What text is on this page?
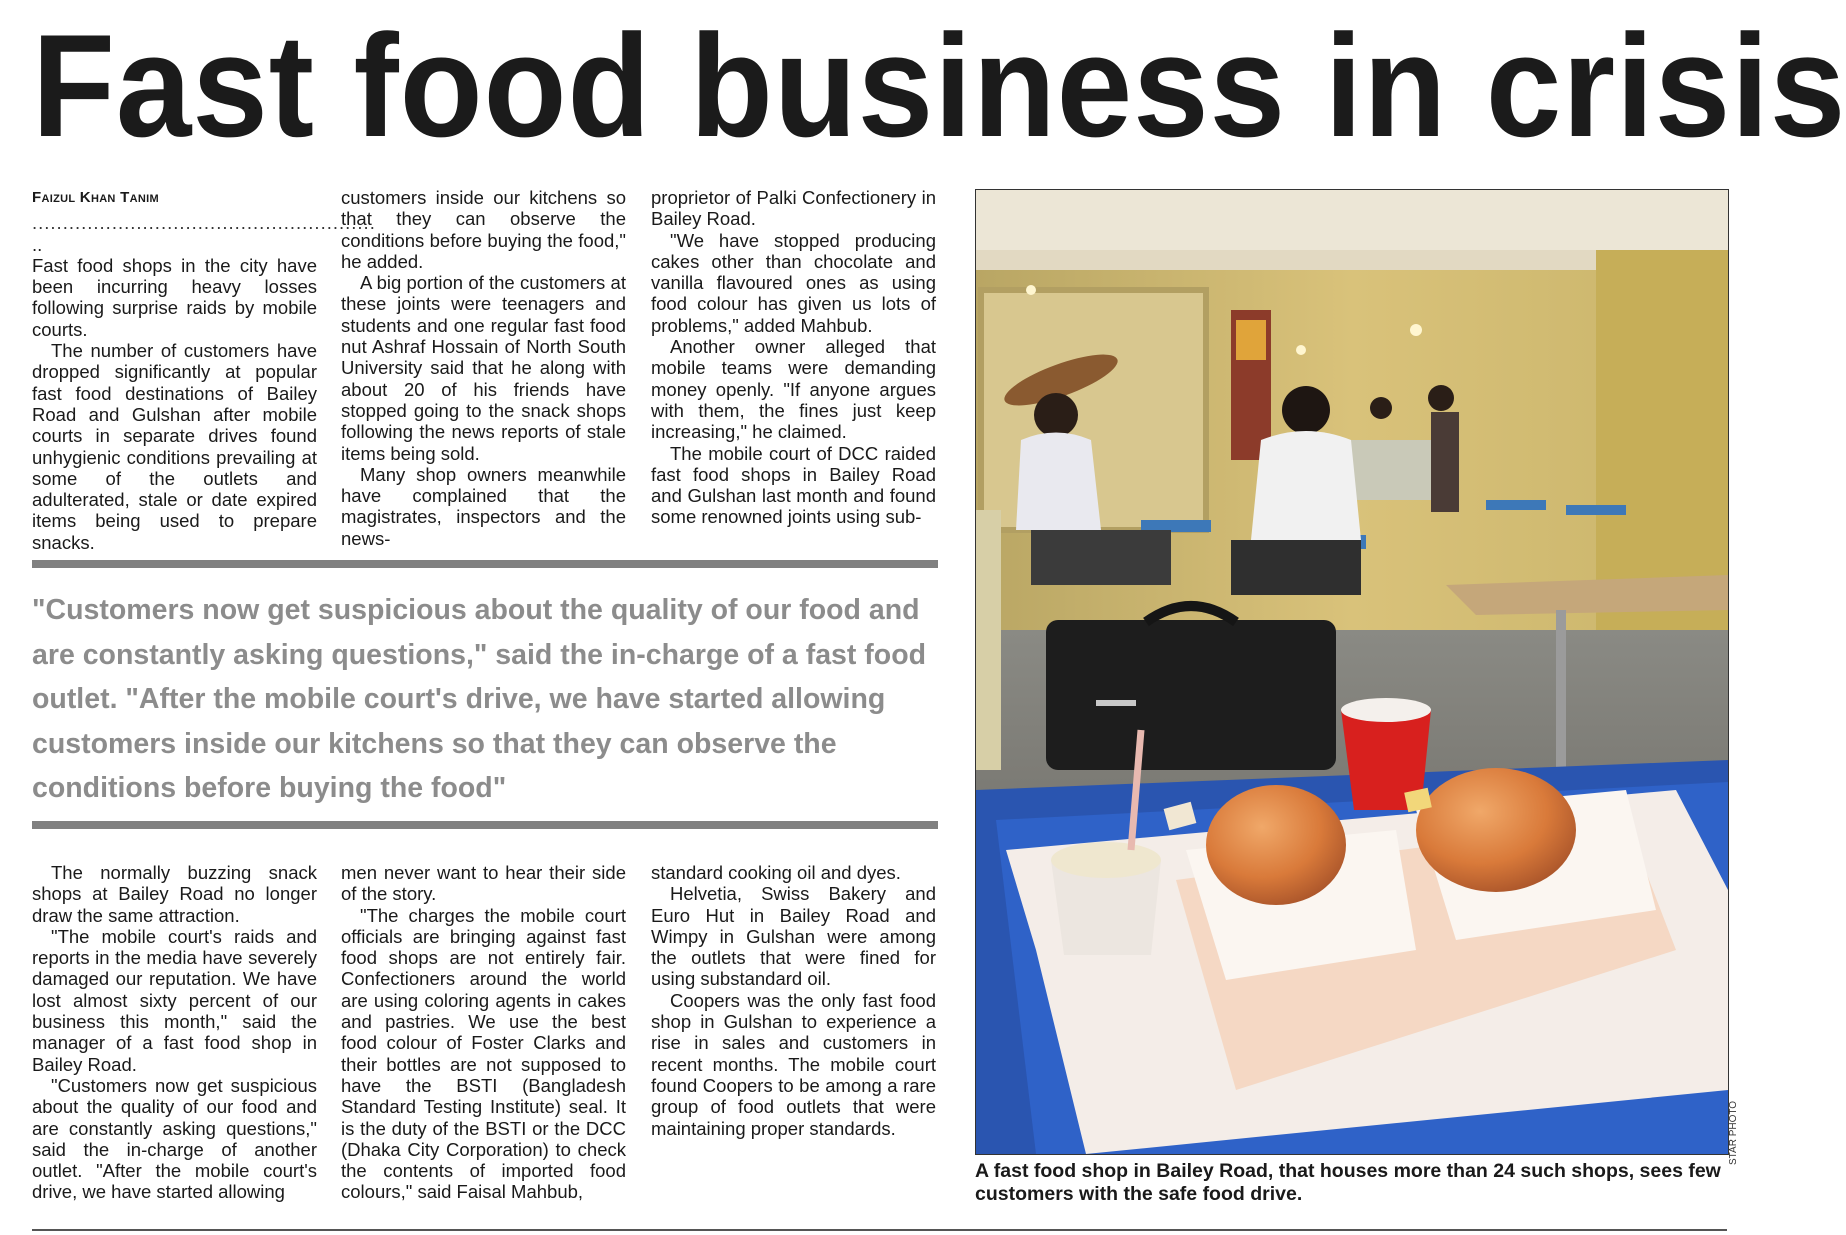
Fast food business in crisis
Faizul Khan Tanim

........................................................

..

Fast food shops in the city have been incurring heavy losses following surprise raids by mobile courts.

The number of customers have dropped significantly at popular fast food destinations of Bailey Road and Gulshan after mobile courts in separate drives found unhygienic conditions prevailing at some of the outlets and adulterated, stale or date expired items being used to prepare snacks.

customers inside our kitchens so that they can observe the conditions before buying the food," he added.

A big portion of the customers at these joints were teenagers and students and one regular fast food nut Ashraf Hossain of North South University said that he along with about 20 of his friends have stopped going to the snack shops following the news reports of stale items being sold.

Many shop owners meanwhile have complained that the magistrates, inspectors and the news-

proprietor of Palki Confectionery in Bailey Road.

"We have stopped producing cakes other than chocolate and vanilla flavoured ones as using food colour has given us lots of problems," added Mahbub.

Another owner alleged that mobile teams were demanding money openly. "If anyone argues with them, the fines just keep increasing," he claimed.

The mobile court of DCC raided fast food shops in Bailey Road and Gulshan last month and found some renowned joints using sub-

"Customers now get suspicious about the quality of our food and are constantly asking questions," said the in-charge of a fast food outlet. "After the mobile court's drive, we have started allowing customers inside our kitchens so that they can observe the conditions before buying the food"

The normally buzzing snack shops at Bailey Road no longer draw the same attraction.

"The mobile court's raids and reports in the media have severely damaged our reputation. We have lost almost sixty percent of our business this month," said the manager of a fast food shop in Bailey Road.

"Customers now get suspicious about the quality of our food and are constantly asking questions," said the in-charge of another outlet. "After the mobile court's drive, we have started allowing

men never want to hear their side of the story.

"The charges the mobile court officials are bringing against fast food shops are not entirely fair. Confectioners around the world are using coloring agents in cakes and pastries. We use the best food colour of Foster Clarks and their bottles are not supposed to have the BSTI (Bangladesh Standard Testing Institute) seal. It is the duty of the BSTI or the DCC (Dhaka City Corporation) to check the contents of imported food colours," said Faisal Mahbub,

standard cooking oil and dyes.

Helvetia, Swiss Bakery and Euro Hut in Bailey Road and Wimpy in Gulshan were among the outlets that were fined for using substandard oil.

Coopers was the only fast food shop in Gulshan to experience a rise in sales and customers in recent months. The mobile court found Coopers to be among a rare group of food outlets that were maintaining proper standards.	STAR PHOTO

A fast food shop in Bailey Road, that houses more than 24 such shops, sees few customers with the safe food drive.
